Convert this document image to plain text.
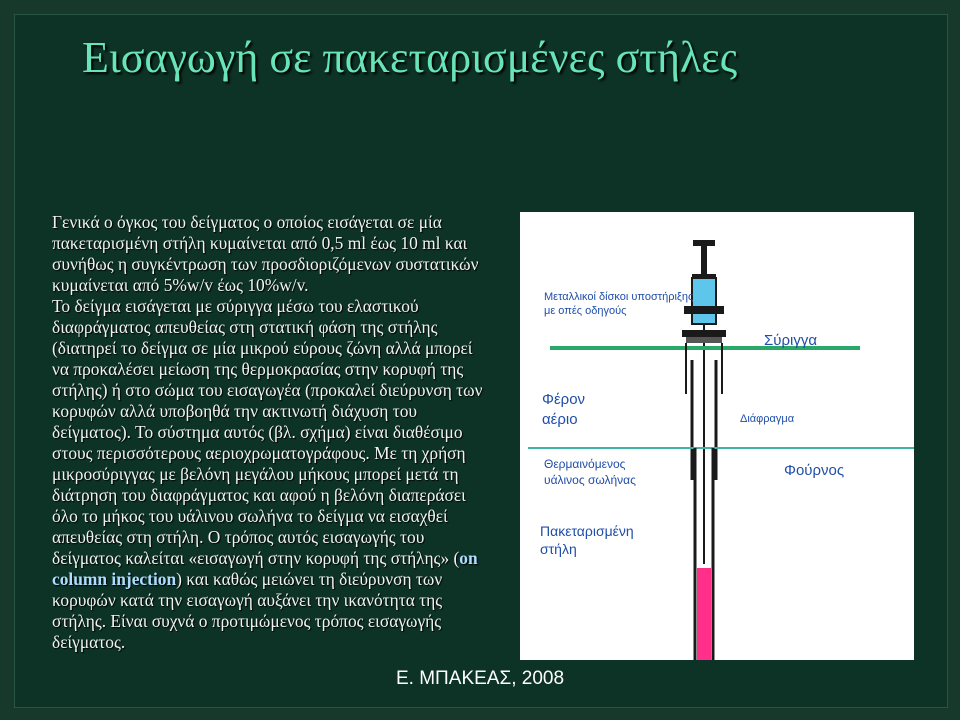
Εισαγωγή σε πακεταρισμένες στήλες

Γενικά ο όγκος του δείγματος ο οποίος εισάγεται σε μία πακεταρισμένη στήλη κυμαίνεται από 0,5 ml έως 10 ml και συνήθως η συγκέντρωση των προσδιοριζόμενων συστατικών κυμαίνεται από 5%w/v έως 10%w/v.

Το δείγμα εισάγεται με σύριγγα μέσω του ελαστικού διαφράγματος απευθείας στη στατική φάση της στήλης (διατηρεί το δείγμα σε μία μικρού εύρους ζώνη αλλά μπορεί να προκαλέσει μείωση της θερμοκρασίας στην κορυφή της στήλης) ή στο σώμα του εισαγωγέα (προκαλεί διεύρυνση των κορυφών αλλά υποβοηθά την ακτινωτή διάχυση του δείγματος). Το σύστημα αυτός (βλ. σχήμα) είναι διαθέσιμο στους περισσότερους αεριοχρωματογράφους. Με τη χρήση μικροσύριγγας με βελόνη μεγάλου μήκους μπορεί μετά τη διάτρηση του διαφράγματος και αφού η βελόνη διαπεράσει όλο το μήκος του υάλινου σωλήνα το δείγμα να εισαχθεί απευθείας στη στήλη. Ο τρόπος αυτός εισαγωγής του δείγματος καλείται «εισαγωγή στην κορυφή της στήλης» (on column injection) και καθώς μειώνει τη διεύρυνση των κορυφών κατά την εισαγωγή αυξάνει την ικανότητα της στήλης. Είναι συχνά ο προτιμώμενος τρόπος εισαγωγής δείγματος.

Μεταλλικοί δίσκοι υποστήριξης με οπές οδηγούς
Σύριγγα
Φέρον αέριο	Διάφραγμα
Θερμαινόμενος υάλινος σωλήνας
Φούρνος
Πακεταρισμένη στήλη
Ε. ΜΠΑΚΕΑΣ, 2008
